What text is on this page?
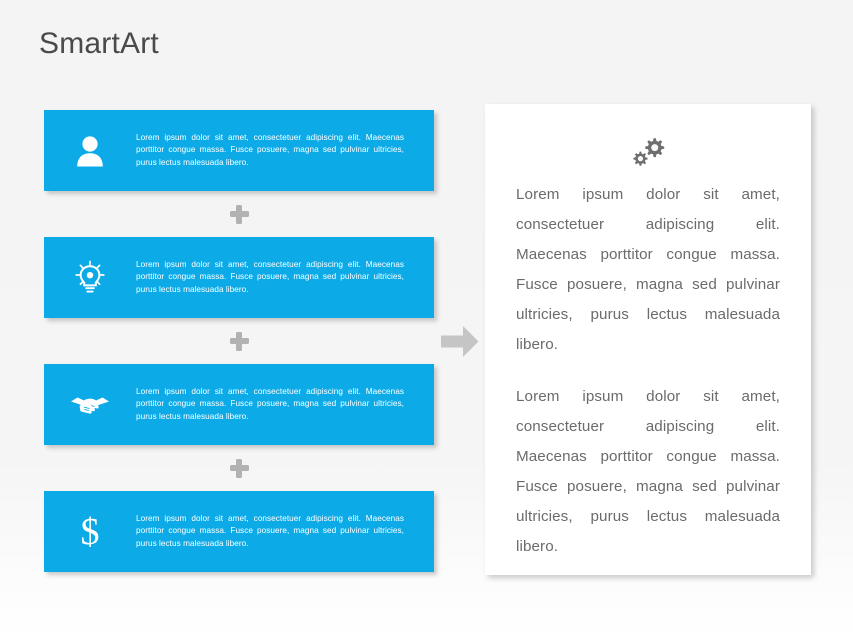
SmartArt
Lorem ipsum dolor sit amet, consectetuer adipiscing elit. Maecenas porttitor congue massa. Fusce posuere, magna sed pulvinar ultricies, purus lectus malesuada libero.
Lorem ipsum dolor sit amet, consectetuer adipiscing elit. Maecenas porttitor congue massa. Fusce posuere, magna sed pulvinar ultricies, purus lectus malesuada libero.
Lorem ipsum dolor sit amet, consectetuer adipiscing elit. Maecenas porttitor congue massa. Fusce posuere, magna sed pulvinar ultricies, purus lectus malesuada libero.
$	Lorem ipsum dolor sit amet, consectetuer adipiscing elit. Maecenas porttitor congue massa. Fusce posuere, magna sed pulvinar ultricies, purus lectus malesuada libero.

Lorem ipsum dolor sit amet, consectetuer adipiscing elit. Maecenas porttitor congue massa. Fusce posuere, magna sed pulvinar ultricies, purus lectus malesuada libero.

Lorem ipsum dolor sit amet, consectetuer adipiscing elit. Maecenas porttitor congue massa. Fusce posuere, magna sed pulvinar ultricies, purus lectus malesuada libero.
